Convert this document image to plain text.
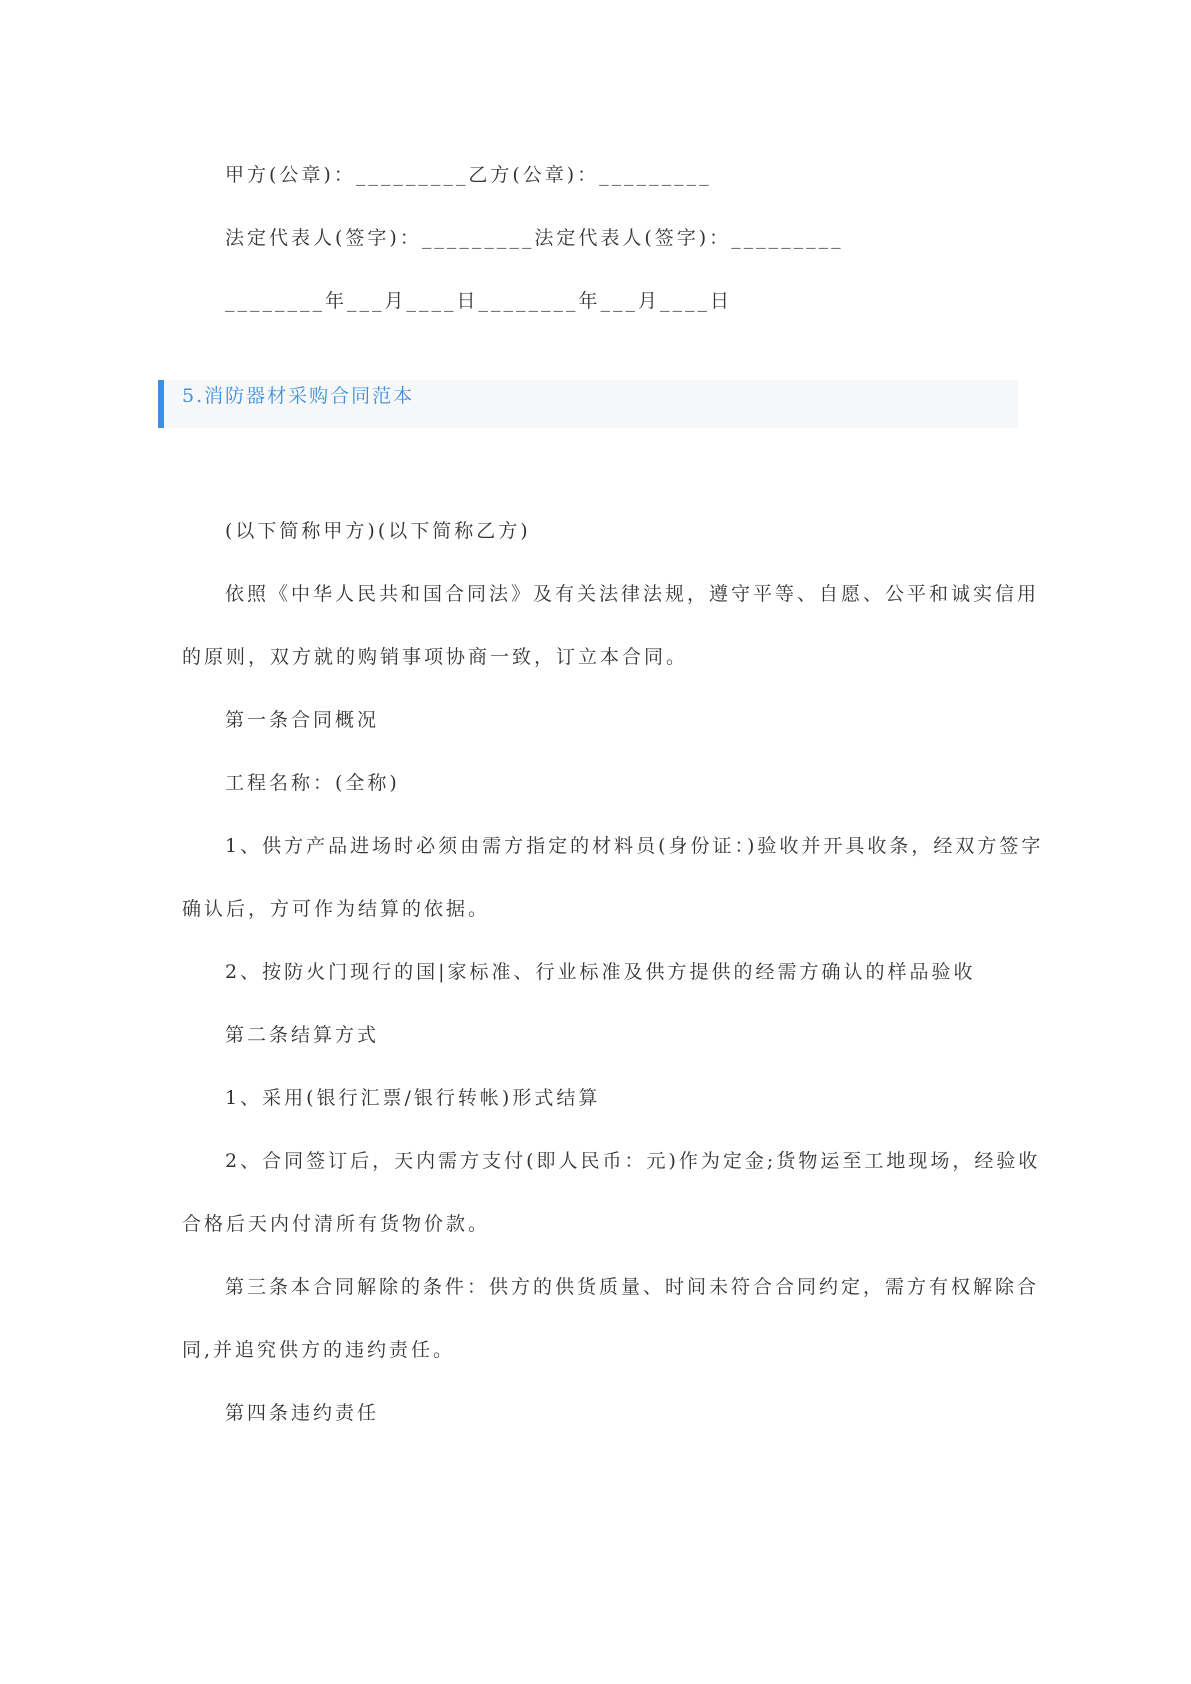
甲方(公章)：_________乙方(公章)：_________
法定代表人(签字)：_________法定代表人(签字)：_________
________年___月____日________年___月____日
5.消防器材采购合同范本
(以下简称甲方)(以下简称乙方)
依照《中华人民共和国合同法》及有关法律法规，遵守平等、自愿、公平和诚实信用
的原则，双方就的购销事项协商一致，订立本合同。
第一条合同概况
工程名称：(全称)
1、供方产品进场时必须由需方指定的材料员(身份证：)验收并开具收条，经双方签字
确认后，方可作为结算的依据。
2、按防火门现行的国|家标准、行业标准及供方提供的经需方确认的样品验收
第二条结算方式
1、采用(银行汇票/银行转帐)形式结算
2、合同签订后，天内需方支付(即人民币：元)作为定金;货物运至工地现场，经验收
合格后天内付清所有货物价款。
第三条本合同解除的条件：供方的供货质量、时间未符合合同约定，需方有权解除合
同,并追究供方的违约责任。
第四条违约责任
